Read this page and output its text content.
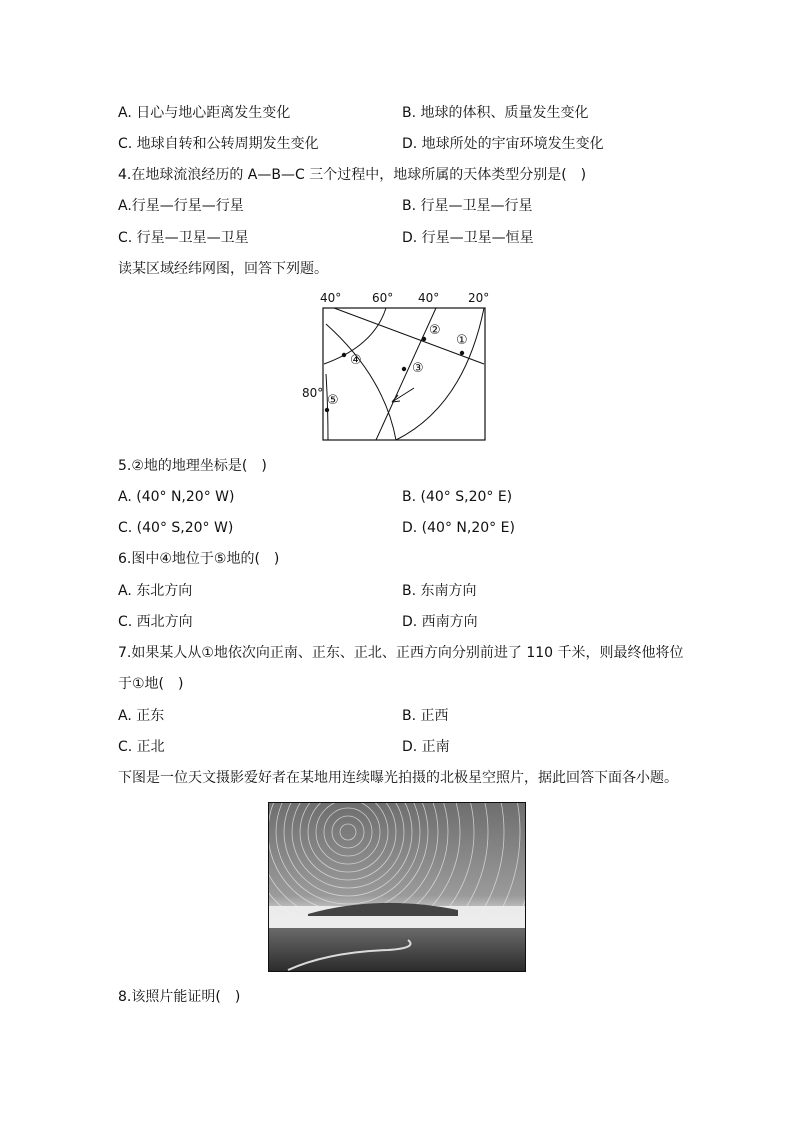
A. 日心与地心距离发生变化	B. 地球的体积、质量发生变化
C. 地球自转和公转周期发生变化	D. 地球所处的宇宙环境发生变化
4.在地球流浪经历的 A—B—C 三个过程中，地球所属的天体类型分别是(　)
A.行星—行星—行星	B. 行星—卫星—行星
C. 行星—卫星—卫星	D. 行星—卫星—恒星
读某区域经纬网图，回答下列题。
40°	60° 40° 20°
80°
①
②
③
④
⑤
5.②地的地理坐标是(　)
A. (40° N,20° W)	B. (40° S,20° E)
C. (40° S,20° W)	D. (40° N,20° E)
6.图中④地位于⑤地的(　)
A. 东北方向	B. 东南方向
C. 西北方向	D. 西南方向
7.如果某人从①地依次向正南、正东、正北、正西方向分别前进了 110 千米，则最终他将位
于①地(　)
A. 正东	B. 正西
C. 正北	D. 正南
下图是一位天文摄影爱好者在某地用连续曝光拍摄的北极星空照片，据此回答下面各小题。
8.该照片能证明(　)
